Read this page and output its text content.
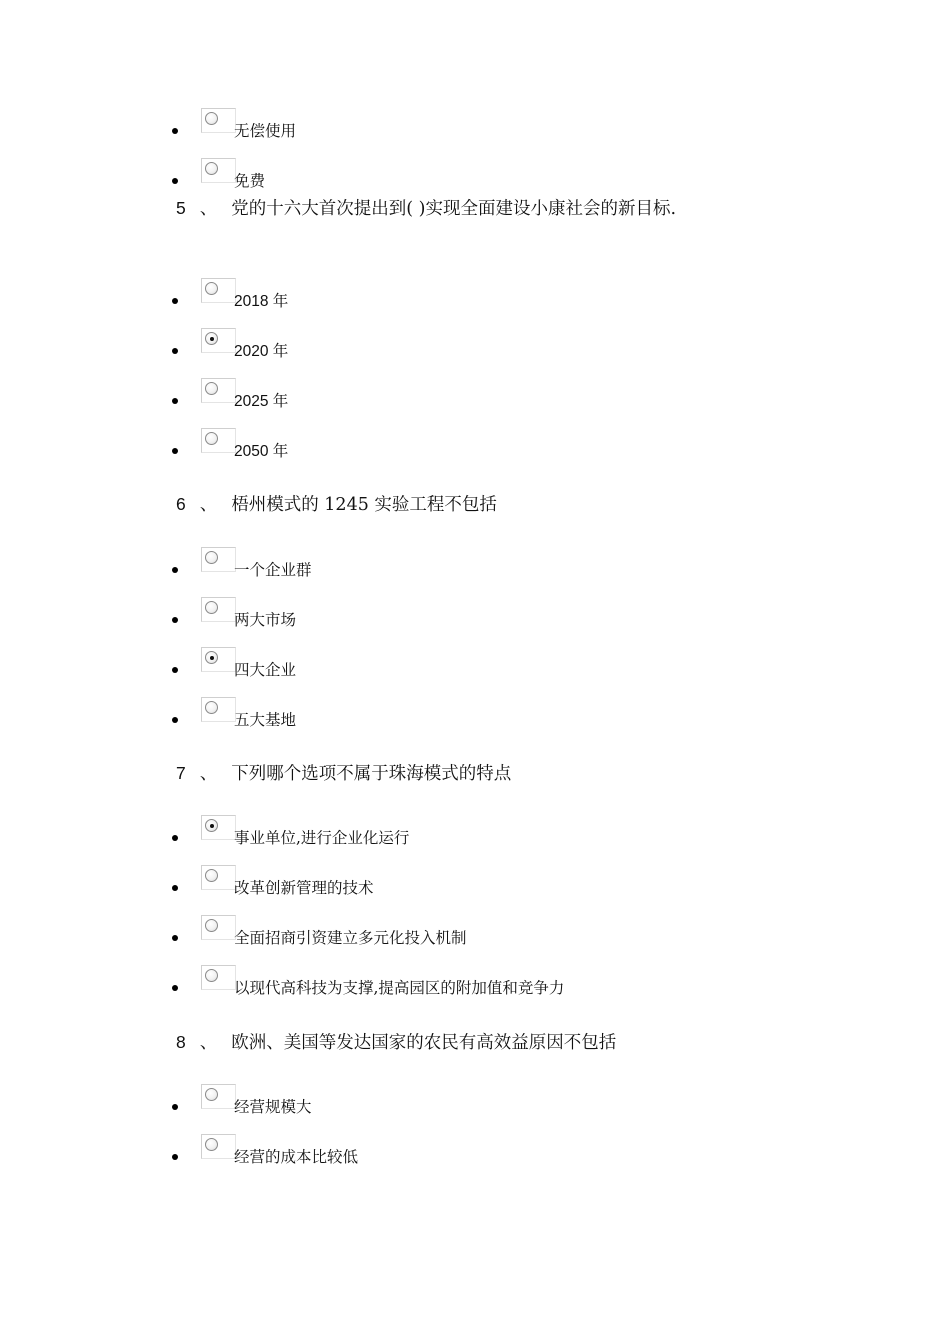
无偿使用
免费
5 、 党的十六大首次提出到( )实现全面建设小康社会的新目标.
2018 年
2020 年
2025 年
2050 年
6 、 梧州模式的 1245 实验工程不包括
一个企业群
两大市场
四大企业
五大基地
7 、 下列哪个选项不属于珠海模式的特点
事业单位,进行企业化运行
改革创新管理的技术
全面招商引资建立多元化投入机制
以现代高科技为支撑,提高园区的附加值和竞争力
8 、 欧洲、美国等发达国家的农民有高效益原因不包括
经营规模大
经营的成本比较低
